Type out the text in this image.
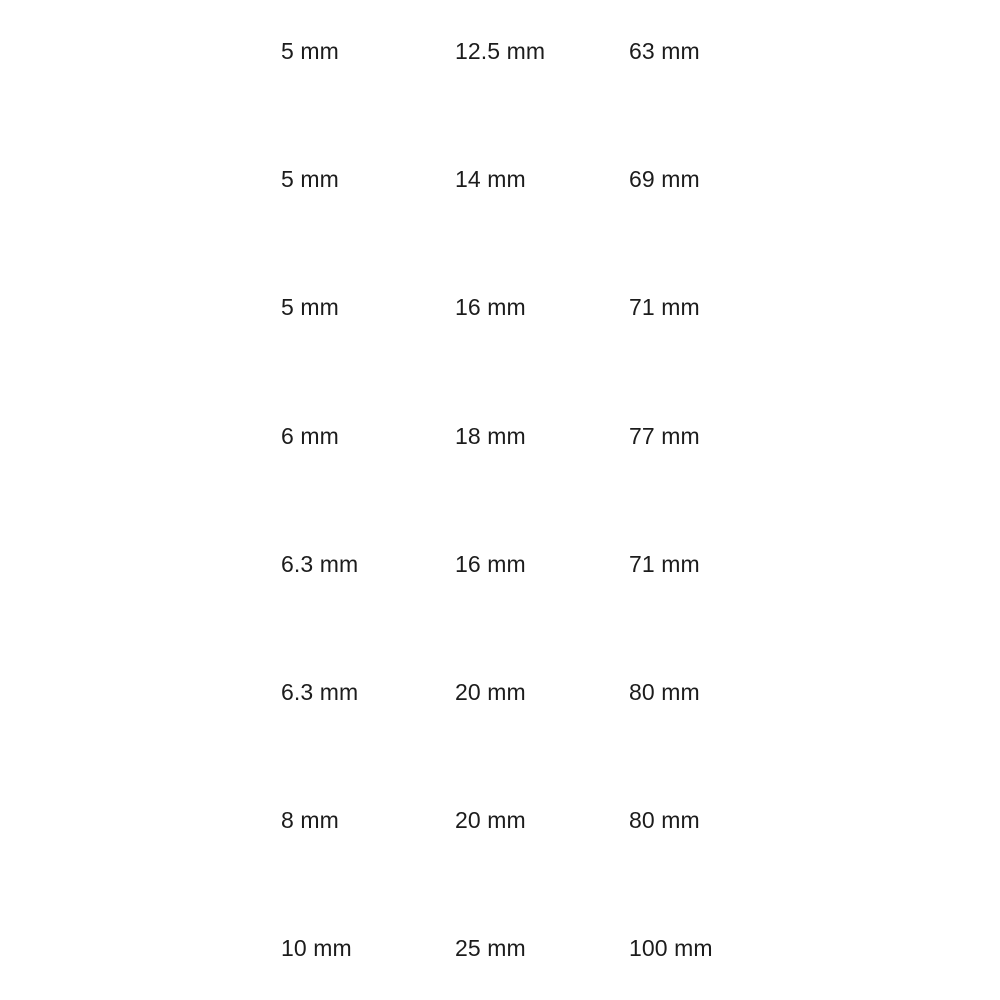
5 mm	12.5 mm	63 mm
5 mm	14 mm	69 mm
5 mm	16 mm	71 mm
6 mm	18 mm	77 mm
6.3 mm	16 mm	71 mm
6.3 mm	20 mm	80 mm
8 mm	20 mm	80 mm
10 mm	25 mm	100 mm
